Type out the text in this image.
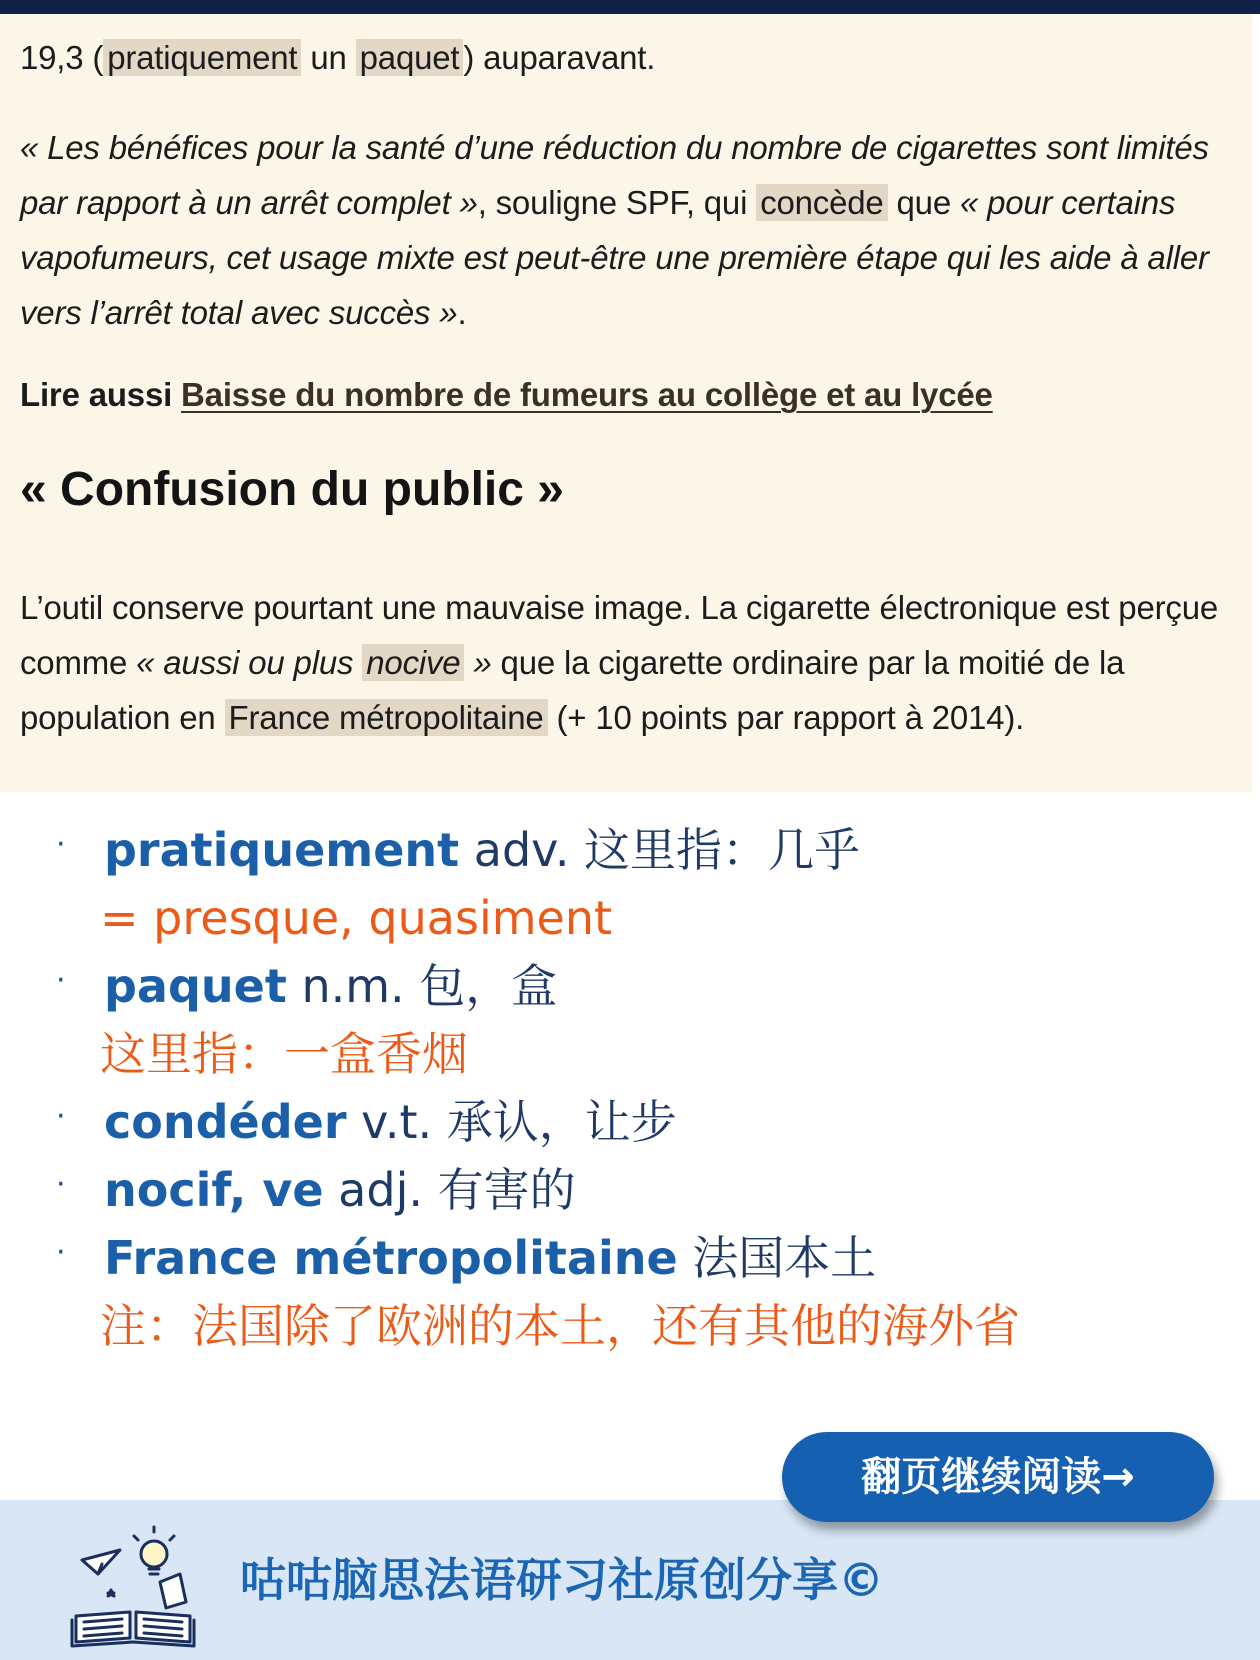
19,3 ( pratiquement un paquet ) auparavant.

« Les bénéfices pour la santé d’une réduction du nombre de cigarettes sont limités par rapport à un arrêt complet », souligne SPF, qui concède que « pour certains vapofumeurs, cet usage mixte est peut-être une première étape qui les aide à aller vers l’arrêt total avec succès ».

Lire aussi Baisse du nombre de fumeurs au collège et au lycée

« Confusion du public »

L’outil conserve pourtant une mauvaise image. La cigarette électronique est perçue comme « aussi ou plus nocive » que la cigarette ordinaire par la moitié de la population en France métropolitaine (+ 10 points par rapport à 2014).

· pratiquement adv. 这里指：几乎
= presque, quasiment
· paquet n.m. 包，盒
这里指：一盒香烟
· condéder v.t. 承认，让步
· nocif, ve adj. 有害的
· France métropolitaine 法国本土
注：法国除了欧洲的本土，还有其他的海外省
翻页继续阅读→
咕咕脑思法语研习社原创分享©
